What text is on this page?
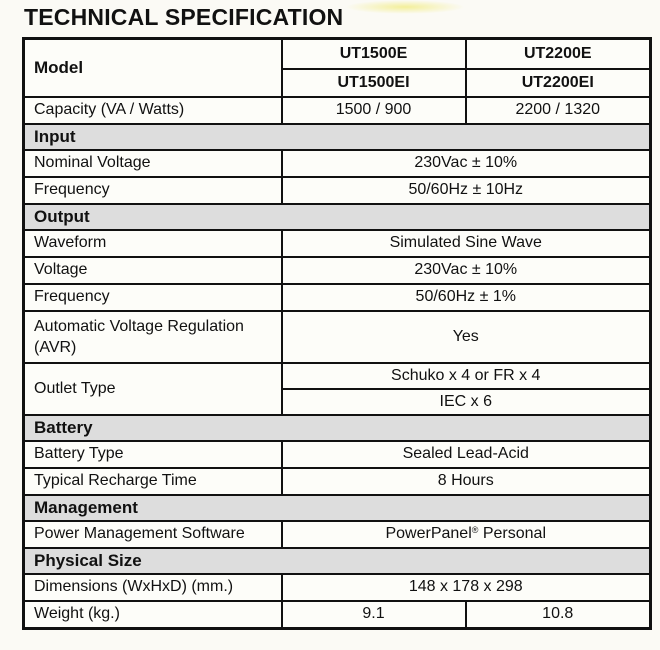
TECHNICAL SPECIFICATION
Model	UT1500E	UT2200E
	UT1500EI	UT2200EI
Capacity (VA / Watts)	1500 / 900	2200 / 1320
Input		
Nominal Voltage	230Vac ± 10%	
Frequency	50/60Hz ± 10Hz	
Output		
Waveform	Simulated Sine Wave	
Voltage	230Vac ± 10%	
Frequency	50/60Hz ± 1%	
Automatic Voltage Regulation (AVR)	Yes	
Outlet Type	Schuko x 4 or FR x 4	
	IEC x 6	
Battery		
Battery Type	Sealed Lead-Acid	
Typical Recharge Time	8 Hours	
Management		
Power Management Software	PowerPanel® Personal	
Physical Size		
Dimensions (WxHxD) (mm.)	148 x 178 x 298	
Weight (kg.)	9.1	10.8
